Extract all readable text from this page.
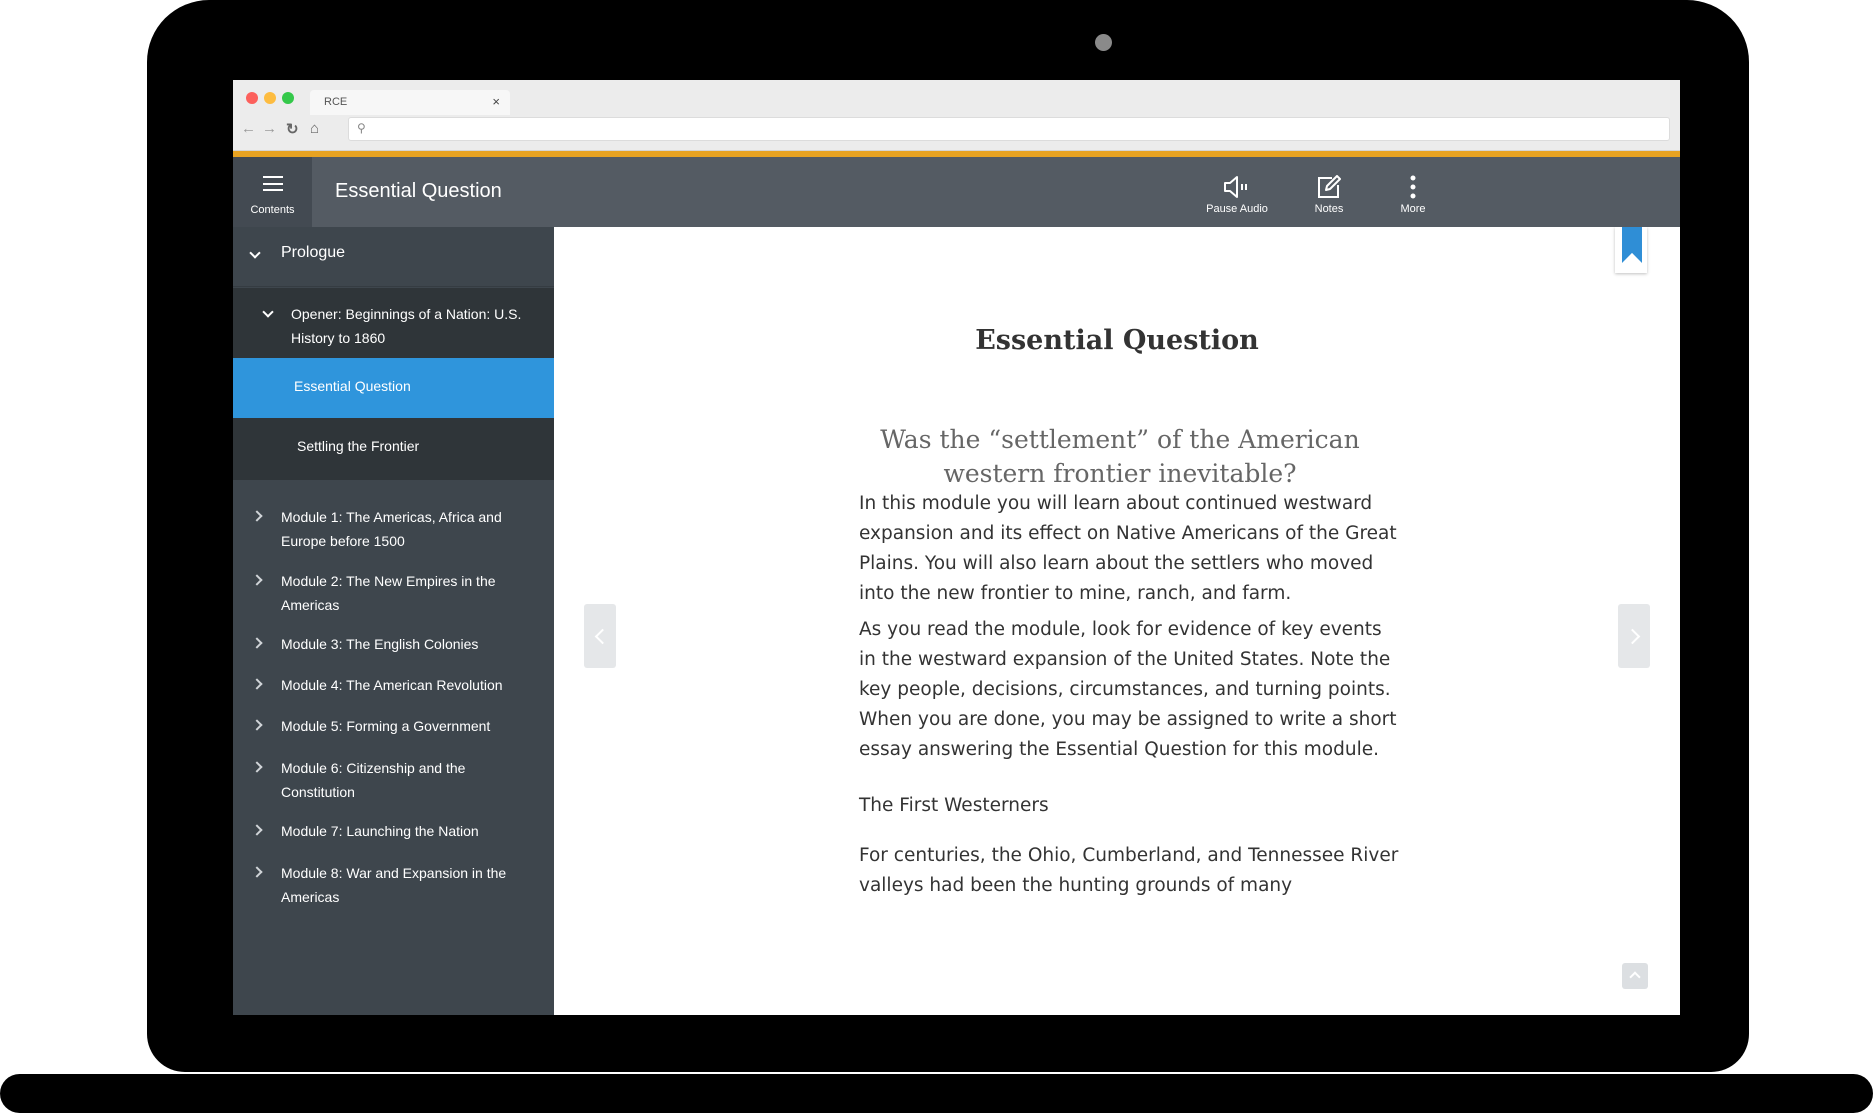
RCE	×
← → ↻ ⌂	⚲
Contents
Essential Question
Pause Audio	Notes	More
Prologue
Opener: Beginnings of a Nation: U.S. History to 1860
Essential Question
Settling the Frontier
Module 1: The Americas, Africa and Europe before 1500
Module 2: The New Empires in the Americas
Module 3: The English Colonies
Module 4: The American Revolution
Module 5: Forming a Government
Module 6: Citizenship and the Constitution
Module 7: Launching the Nation
Module 8: War and Expansion in the Americas
Essential Question

Was the “settlement” of the American western frontier inevitable?

In this module you will learn about continued westward expansion and its effect on Native Americans of the Great Plains. You will also learn about the settlers who moved into the new frontier to mine, ranch, and farm.

As you read the module, look for evidence of key events in the westward expansion of the United States. Note the key people, decisions, circumstances, and turning points. When you are done, you may be assigned to write a short essay answering the Essential Question for this module.

The First Westerners

For centuries, the Ohio, Cumberland, and Tennessee River valleys had been the hunting grounds of many
